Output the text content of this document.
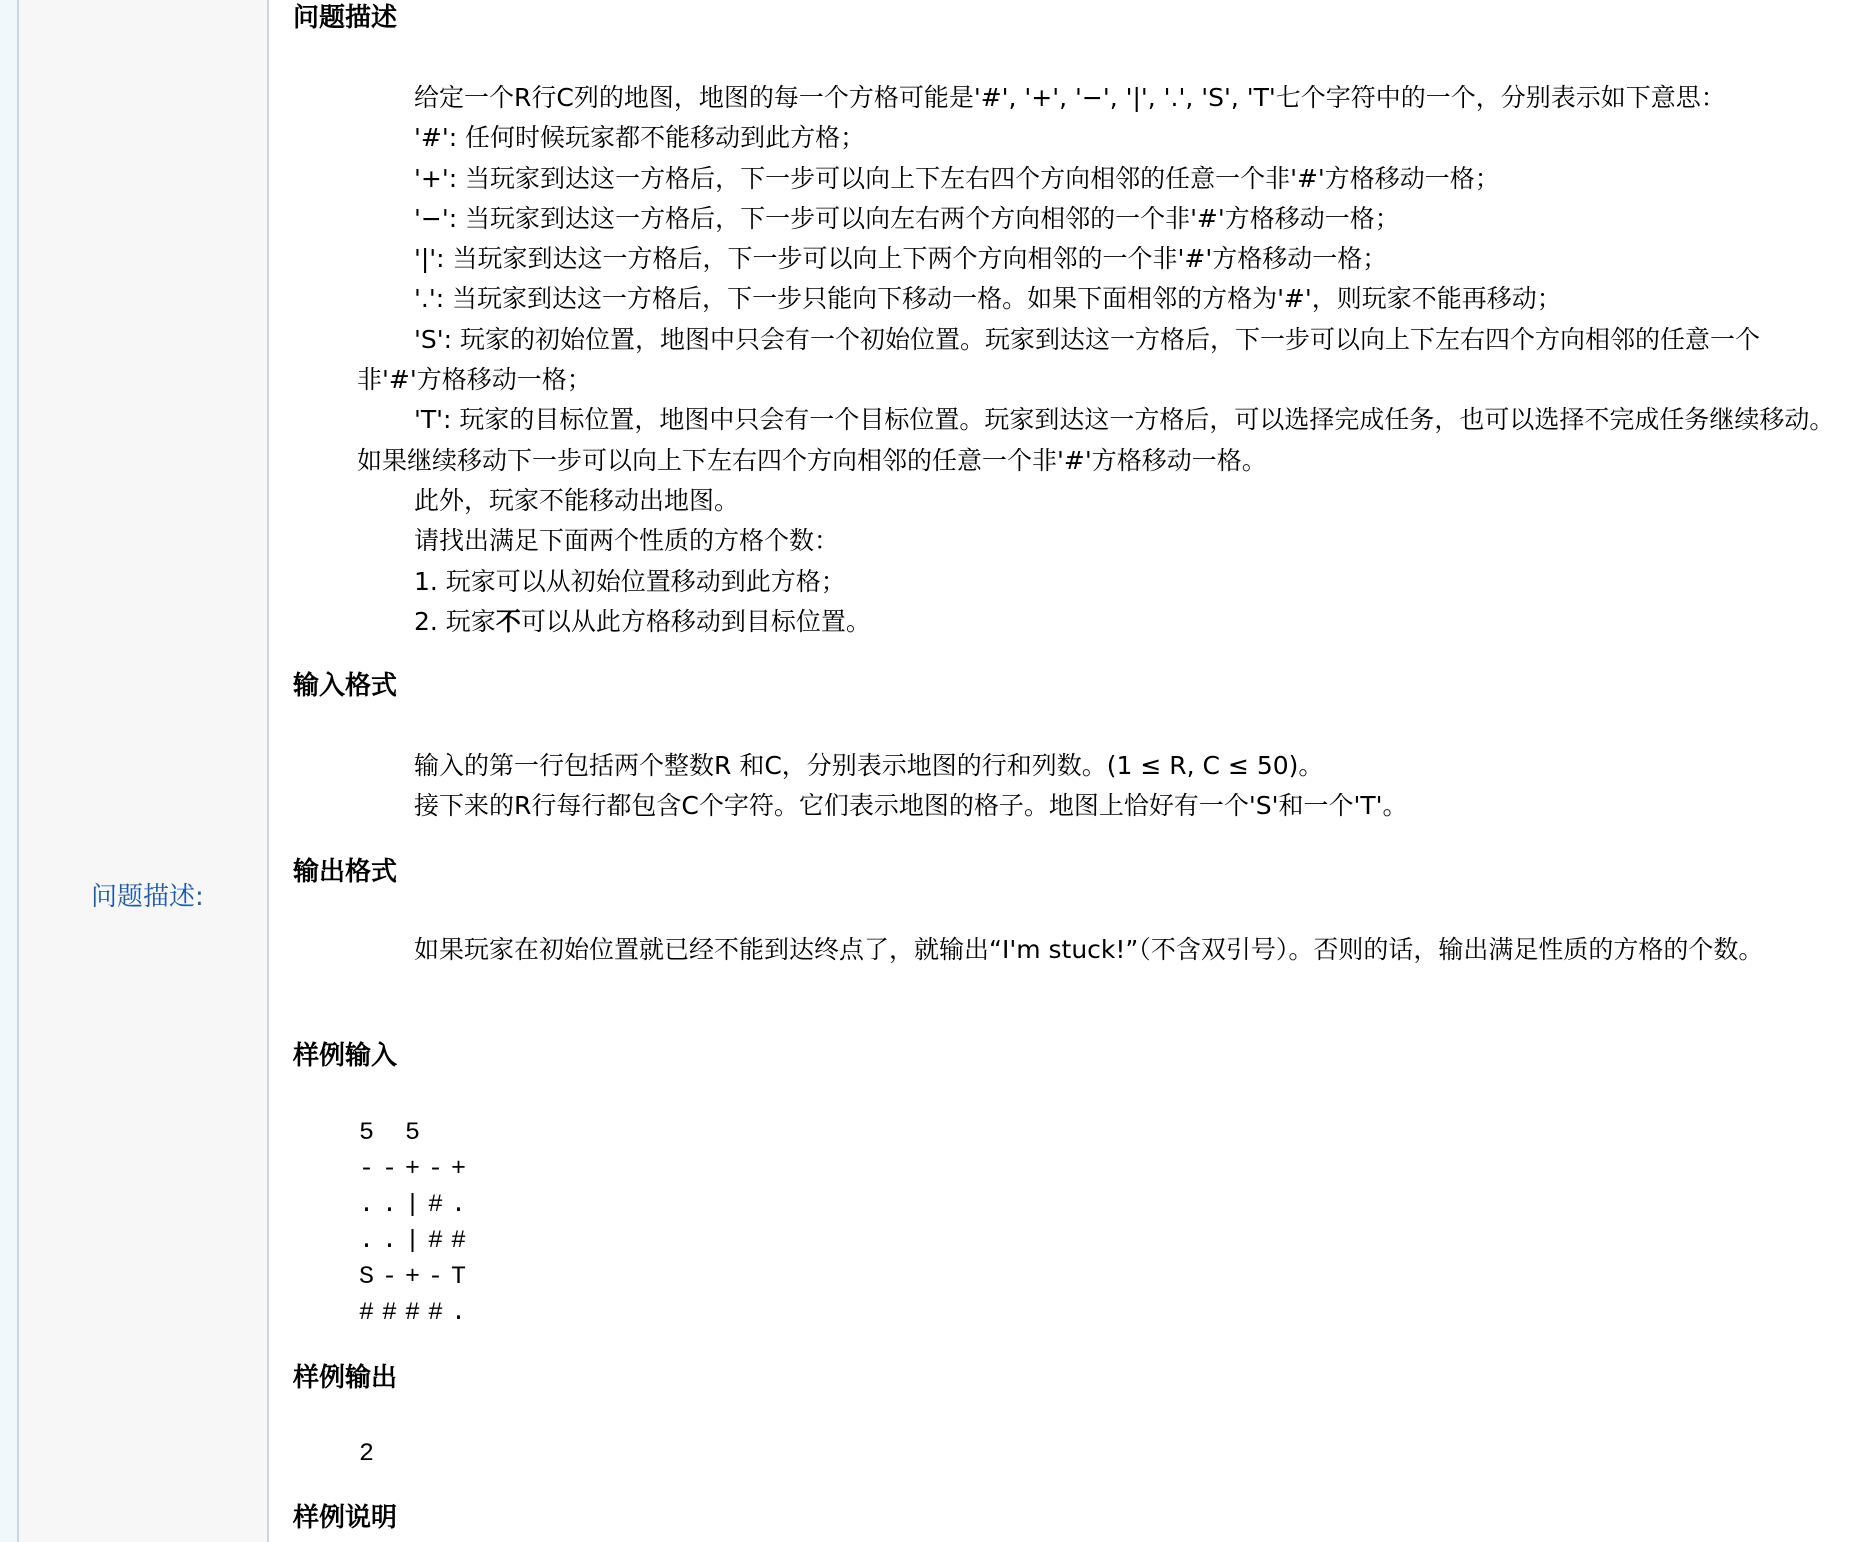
问题描述:
问题描述
给定一个R行C列的地图，地图的每一个方格可能是'#', '+', '−', '|', '.', 'S', 'T'七个字符中的一个，分别表示如下意思：
'#': 任何时候玩家都不能移动到此方格；
'+': 当玩家到达这一方格后，下一步可以向上下左右四个方向相邻的任意一个非'#'方格移动一格；
'−': 当玩家到达这一方格后，下一步可以向左右两个方向相邻的一个非'#'方格移动一格；
'|': 当玩家到达这一方格后，下一步可以向上下两个方向相邻的一个非'#'方格移动一格；
'.': 当玩家到达这一方格后，下一步只能向下移动一格。如果下面相邻的方格为'#'，则玩家不能再移动；
'S': 玩家的初始位置，地图中只会有一个初始位置。玩家到达这一方格后，下一步可以向上下左右四个方向相邻的任意一个非'#'方格移动一格；
'T': 玩家的目标位置，地图中只会有一个目标位置。玩家到达这一方格后，可以选择完成任务，也可以选择不完成任务继续移动。如果继续移动下一步可以向上下左右四个方向相邻的任意一个非'#'方格移动一格。
此外，玩家不能移动出地图。
请找出满足下面两个性质的方格个数：
1. 玩家可以从初始位置移动到此方格；
2. 玩家不可以从此方格移动到目标位置。
输入格式
输入的第一行包括两个整数R 和C，分别表示地图的行和列数。(1 ≤ R, C ≤ 50)。
接下来的R行每行都包含C个字符。它们表示地图的格子。地图上恰好有一个'S'和一个'T'。
输出格式
如果玩家在初始位置就已经不能到达终点了，就输出“I'm stuck!”（不含双引号）。否则的话，输出满足性质的方格的个数。
样例输入
5 5
--+-+
..|#.
..|##
S-+-T
####.
样例输出
2
样例说明
